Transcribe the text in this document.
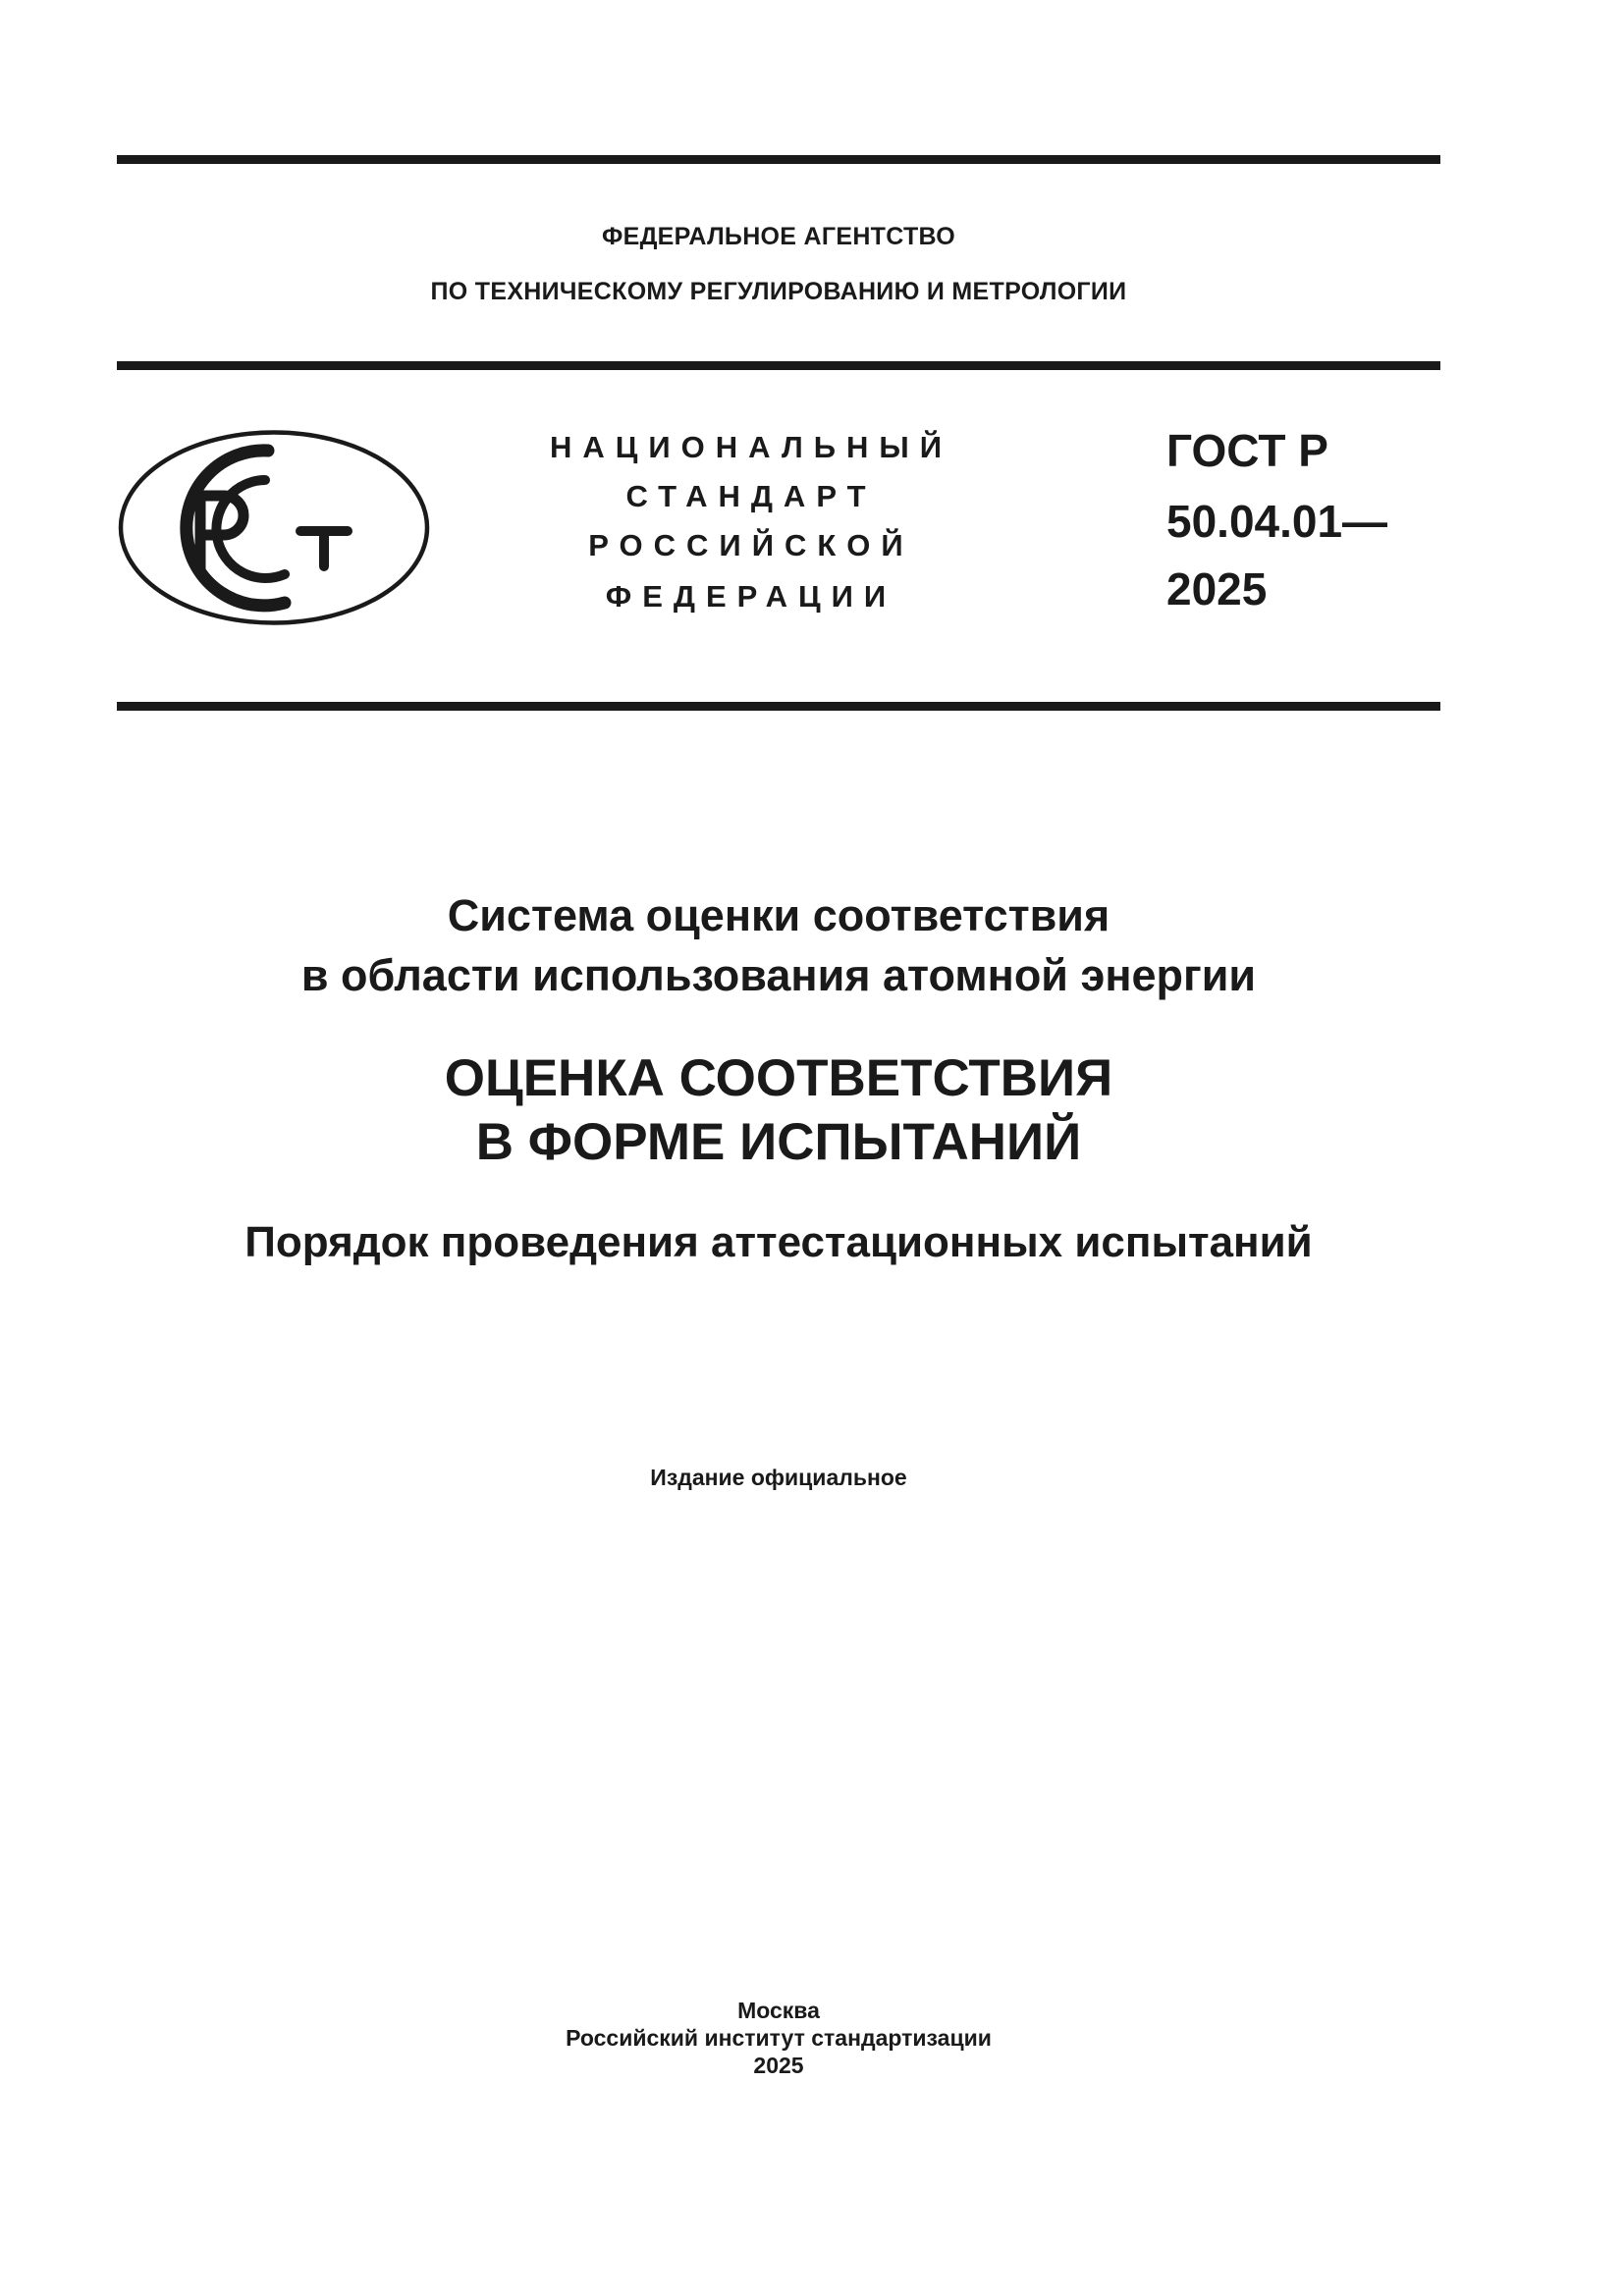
ФЕДЕРАЛЬНОЕ АГЕНТСТВО
ПО ТЕХНИЧЕСКОМУ РЕГУЛИРОВАНИЮ И МЕТРОЛОГИИ
НАЦИОНАЛЬНЫЙ
СТАНДАРТ
РОССИЙСКОЙ
ФЕДЕРАЦИИ
ГОСТ Р
50.04.01—
2025
Система оценки соответствия
в области использования атомной энергии
ОЦЕНКА СООТВЕТСТВИЯ
В ФОРМЕ ИСПЫТАНИЙ
Порядок проведения аттестационных испытаний
Издание официальное
Москва
Российский институт стандартизации
2025
